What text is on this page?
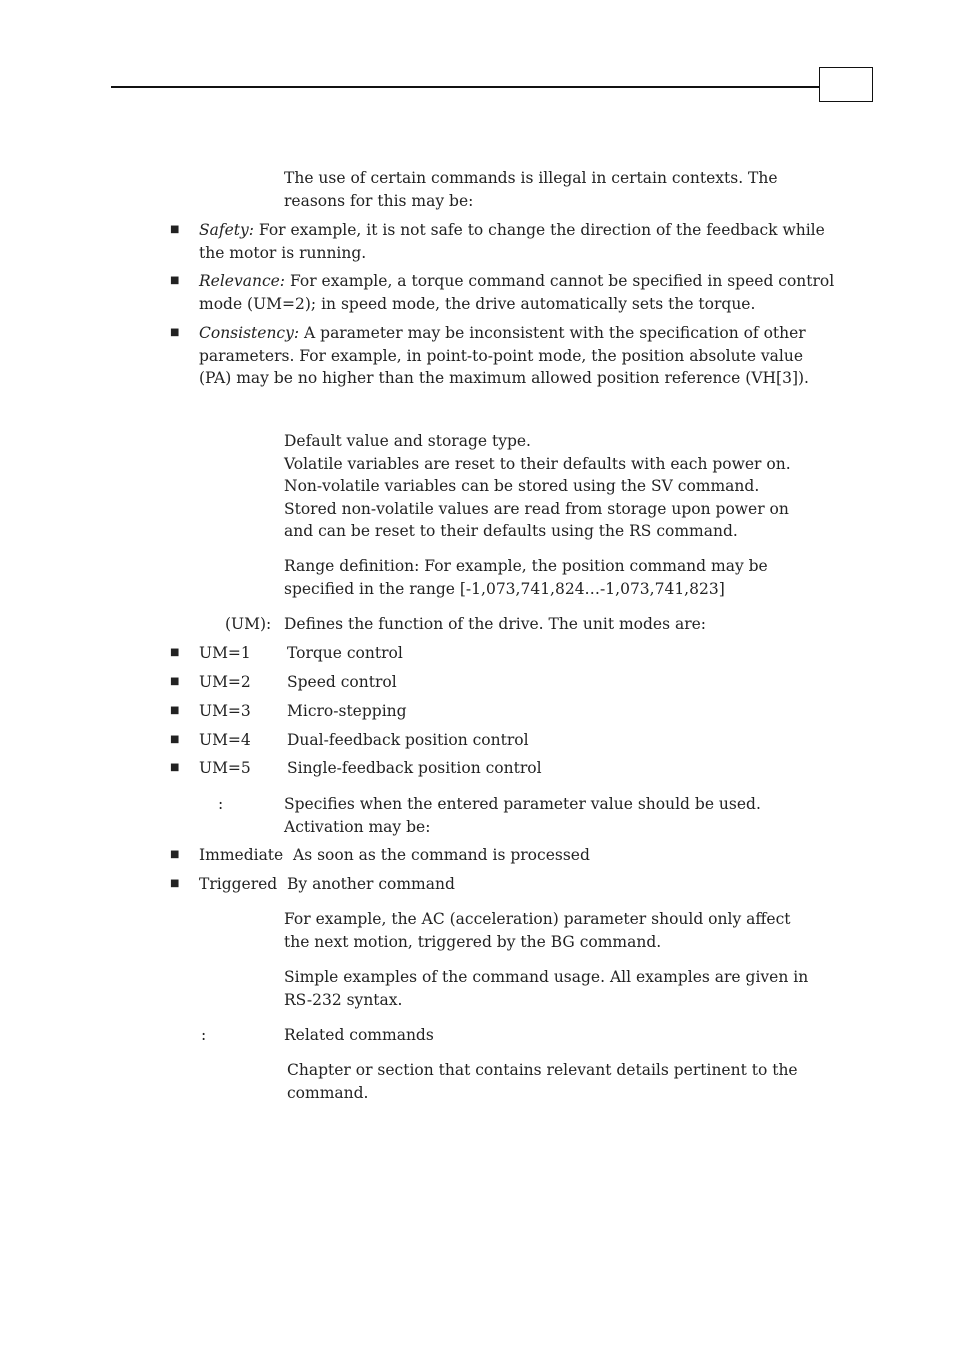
The use of certain commands is illegal in certain contexts. The

reasons for this may be:

■ Safety: For example, it is not safe to change the direction of the feedback while

the motor is running.

■ Relevance: For example, a torque command cannot be specified in speed control

mode (UM=2); in speed mode, the drive automatically sets the torque.

■ Consistency: A parameter may be inconsistent with the specification of other

parameters. For example, in point-to-point mode, the position absolute value

(PA) may be no higher than the maximum allowed position reference (VH[3]).

Default value and storage type.

Volatile variables are reset to their defaults with each power on.

Non-volatile variables can be stored using the SV command.

Stored non-volatile values are read from storage upon power on

and can be reset to their defaults using the RS command.

Range definition: For example, the position command may be

specified in the range [-1,073,741,824…-1,073,741,823]

(UM): Defines the function of the drive. The unit modes are:
■ UM=1 Torque control
■ UM=2 Speed control
■ UM=3 Micro-stepping
■ UM=4 Dual-feedback position control
■ UM=5 Single-feedback position control
:	Specifies when the entered parameter value should be used.

Activation may be:

■ Immediate As soon as the command is processed
■ Triggered By another command

For example, the AC (acceleration) parameter should only affect

the next motion, triggered by the BG command.

Simple examples of the command usage. All examples are given in

RS-232 syntax.

:	Related commands

Chapter or section that contains relevant details pertinent to the

command.
